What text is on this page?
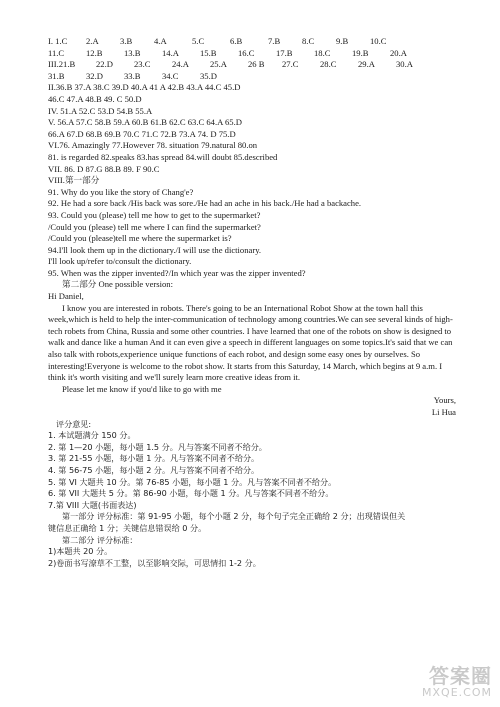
I. 1.C 2.A 3.B	4.A	5.C	6.B	7.B	8.C	9.B	10.C
11.C	12.B	13.B	14.A 15.B	16.C	17.B	18.C	19.B	20.A
III.21.B 22.D 23.C	24.A 25.A 26 B 27.C	28.C	29.A 30.A
31.B	32.D 33.B	34.C	35.D
II.36.B 37.A 38.C 39.D 40.A 41 A 42.B 43.A 44.C 45.D
46.C 47.A 48.B 49. C 50.D
IV. 51.A 52.C 53.D 54.B 55.A
V. 56.A 57.C 58.B 59.A 60.B 61.B 62.C 63.C 64.A 65.D
66.A 67.D 68.B 69.B 70.C 71.C 72.B 73.A 74. D 75.D
VI.76. Amazingly 77.However 78. situation 79.natural 80.on
81. is regarded 82.speaks 83.has spread 84.will doubt 85.described
VII. 86. D 87.G 88.B 89. F 90.C
VIII.第一部分
91. Why do you like the story of Chang'e?
92. He had a sore back /His back was sore./He had an ache in his back./He had a backache.
93. Could you (please) tell me how to get to the supermarket?
/Could you (please) tell me where I can find the supermarket?
/Could you (please)tell me where the supermarket is?
94.I'll look them up in the dictionary./I will use the dictionary.
I'll look up/refer to/consult the dictionary.
95. When was the zipper invented?/In which year was the zipper invented?
第二部分 One possible version:
Hi Daniel,
I know you are interested in robots. There's going to be an International Robot Show at the town hall this week,which is held to help the inter-communication of technology among countries.We can see several kinds of high-tech robets from China, Russia and some other countries. I have learned that one of the robots on show is designed to walk and dance like a human And it can even give a speech in different languages on some topics.It's said that we can also talk with robots,experience unique functions of each robot, and design some easy ones by ourselves. So interesting!Everyone is welcome to the robot show. It starts from this Saturday, 14 March, which begins at 9 a.m. I think it's worth visiting and we'll surely learn more creative ideas from it.
Please let me know if you'd like to go with me
Yours,
Li Hua
评分意见:
1. 本试题满分 150 分。
2. 第 1—20 小题，每小题 1.5 分。凡与答案不同者不给分。
3. 第 21-55 小题，每小题 1 分。凡与答案不同者不给分。
4. 第 56-75 小题，每小题 2 分。凡与答案不同者不给分。
5. 第 VI 大题共 10 分。第 76-85 小题，每小题 1 分。凡与答案不同者不给分。
6. 第 VII 大题共 5 分。第 86-90 小题，每小题 1 分。凡与答案不同者不给分。
7.第 VIII 大题(书面表达)
第一部分 评分标准：第 91-95 小题，每个小题 2 分，每个句子完全正确给 2 分；出现错误但关
键信息正确给 1 分；关键信息错误给 0 分。
第二部分 评分标准：
1)本题共 20 分。
2)卷面书写潦草不工整，以至影响交际，可思情扣 1-2 分。
答案圈
MXQE.COM
